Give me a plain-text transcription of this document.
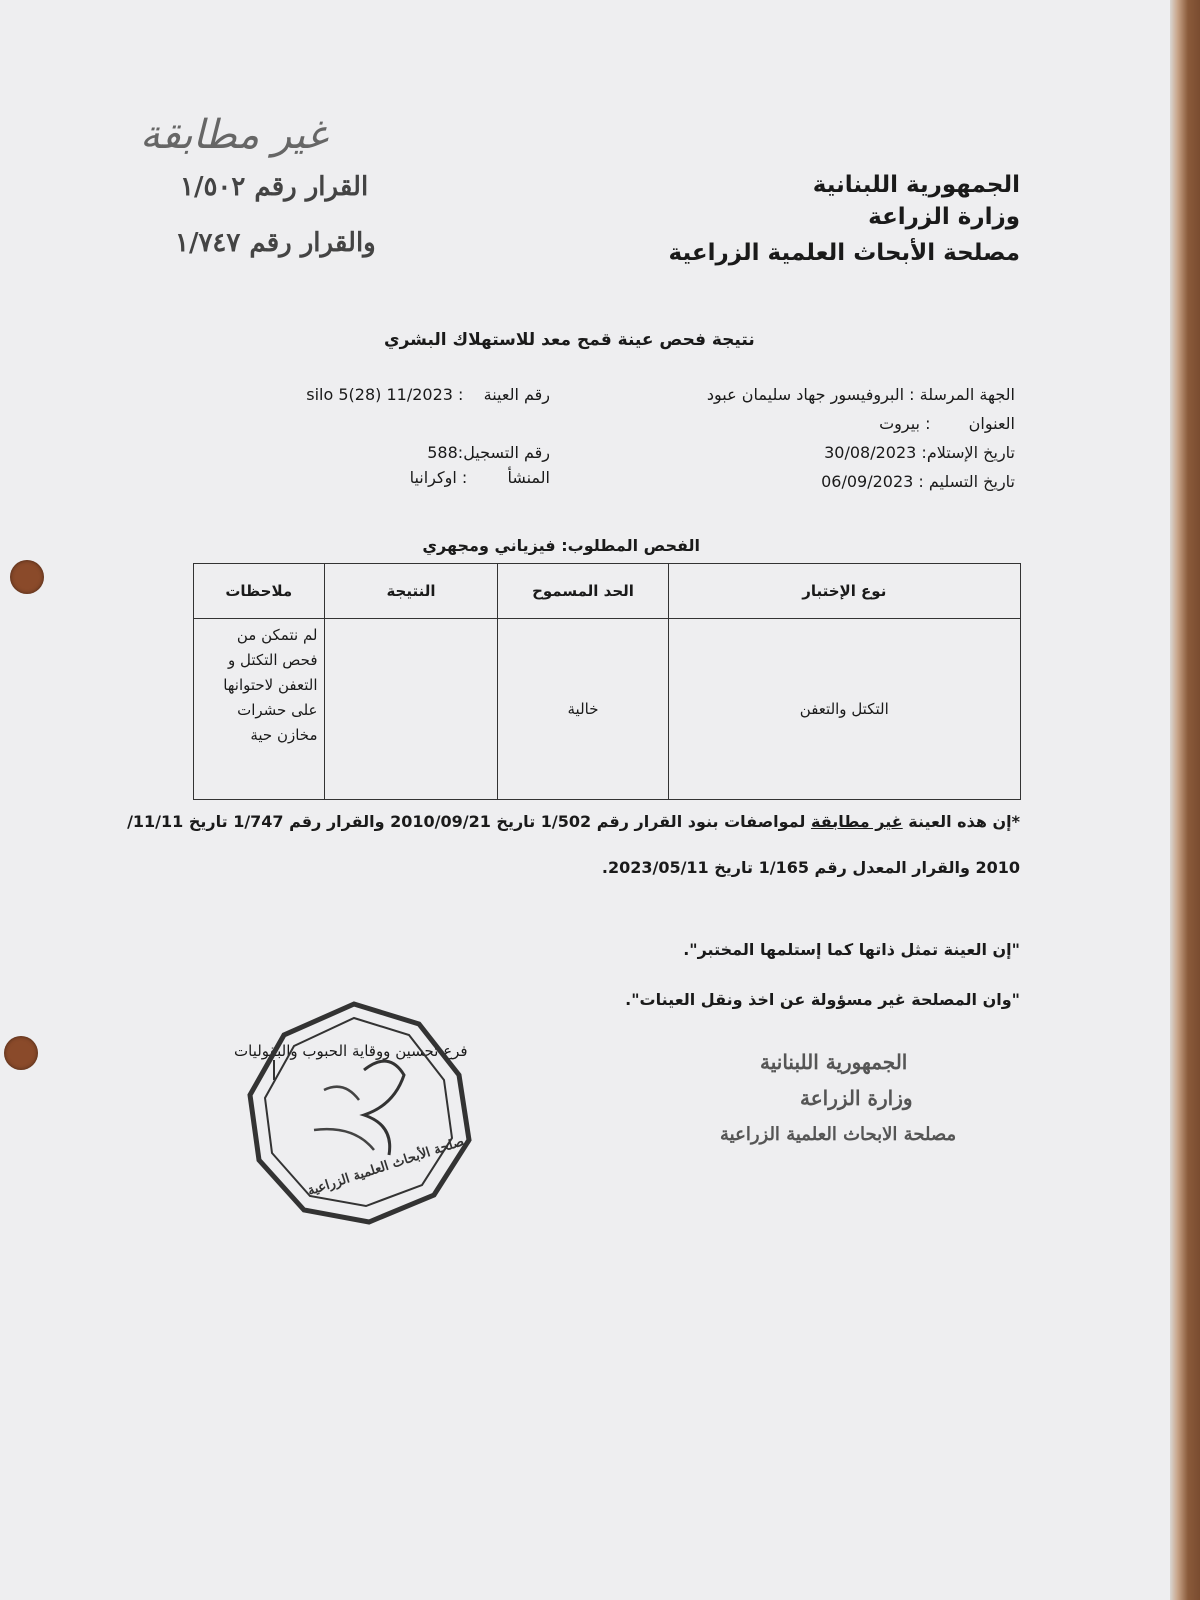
غير مطابقة
القرار رقم ١/٥٠٢
والقرار رقم ١/٧٤٧
الجمهورية اللبنانية
وزارة الزراعة
مصلحة الأبحاث العلمية الزراعية
نتيجة فحص عينة قمح معد للاستهلاك البشري
الجهة المرسلة : البروفيسور جهاد سليمان عبود
العنوان  : بيروت
تاريخ الإستلام: 30/08/2023
تاريخ التسليم : 06/09/2023
رقم العينة  : silo 5(28) 11/2023
رقم التسجيل:588
المنشأ  : اوكرانيا
الفحص المطلوب: فيزياني ومجهري
نوع الإختبار	الحد المسموح	النتيجة	ملاحظات
التكتل والتعفن	خالية		لم نتمكن من فحص التكتل و التعفن لاحتوانها على حشرات مخازن حية
*إن هذه العينة غير مطابقة لمواصفات بنود القرار رقم 1/502 تاريخ 2010/09/21 والقرار رقم 1/747 تاريخ 11/11/
2010 والقرار المعدل رقم 1/165 تاريخ 2023/05/11.
"إن العينة تمثل ذاتها كما إستلمها المختبر".
"وان المصلحة غير مسؤولة عن اخذ ونقل العينات".
فرع تحسين ووقاية الحبوب والبقوليات	الجمهورية اللبنانية
وزارة الزراعة
مصلحة الابحاث العلمية الزراعية
مصلحة الأبحاث العلمية الزراعية
